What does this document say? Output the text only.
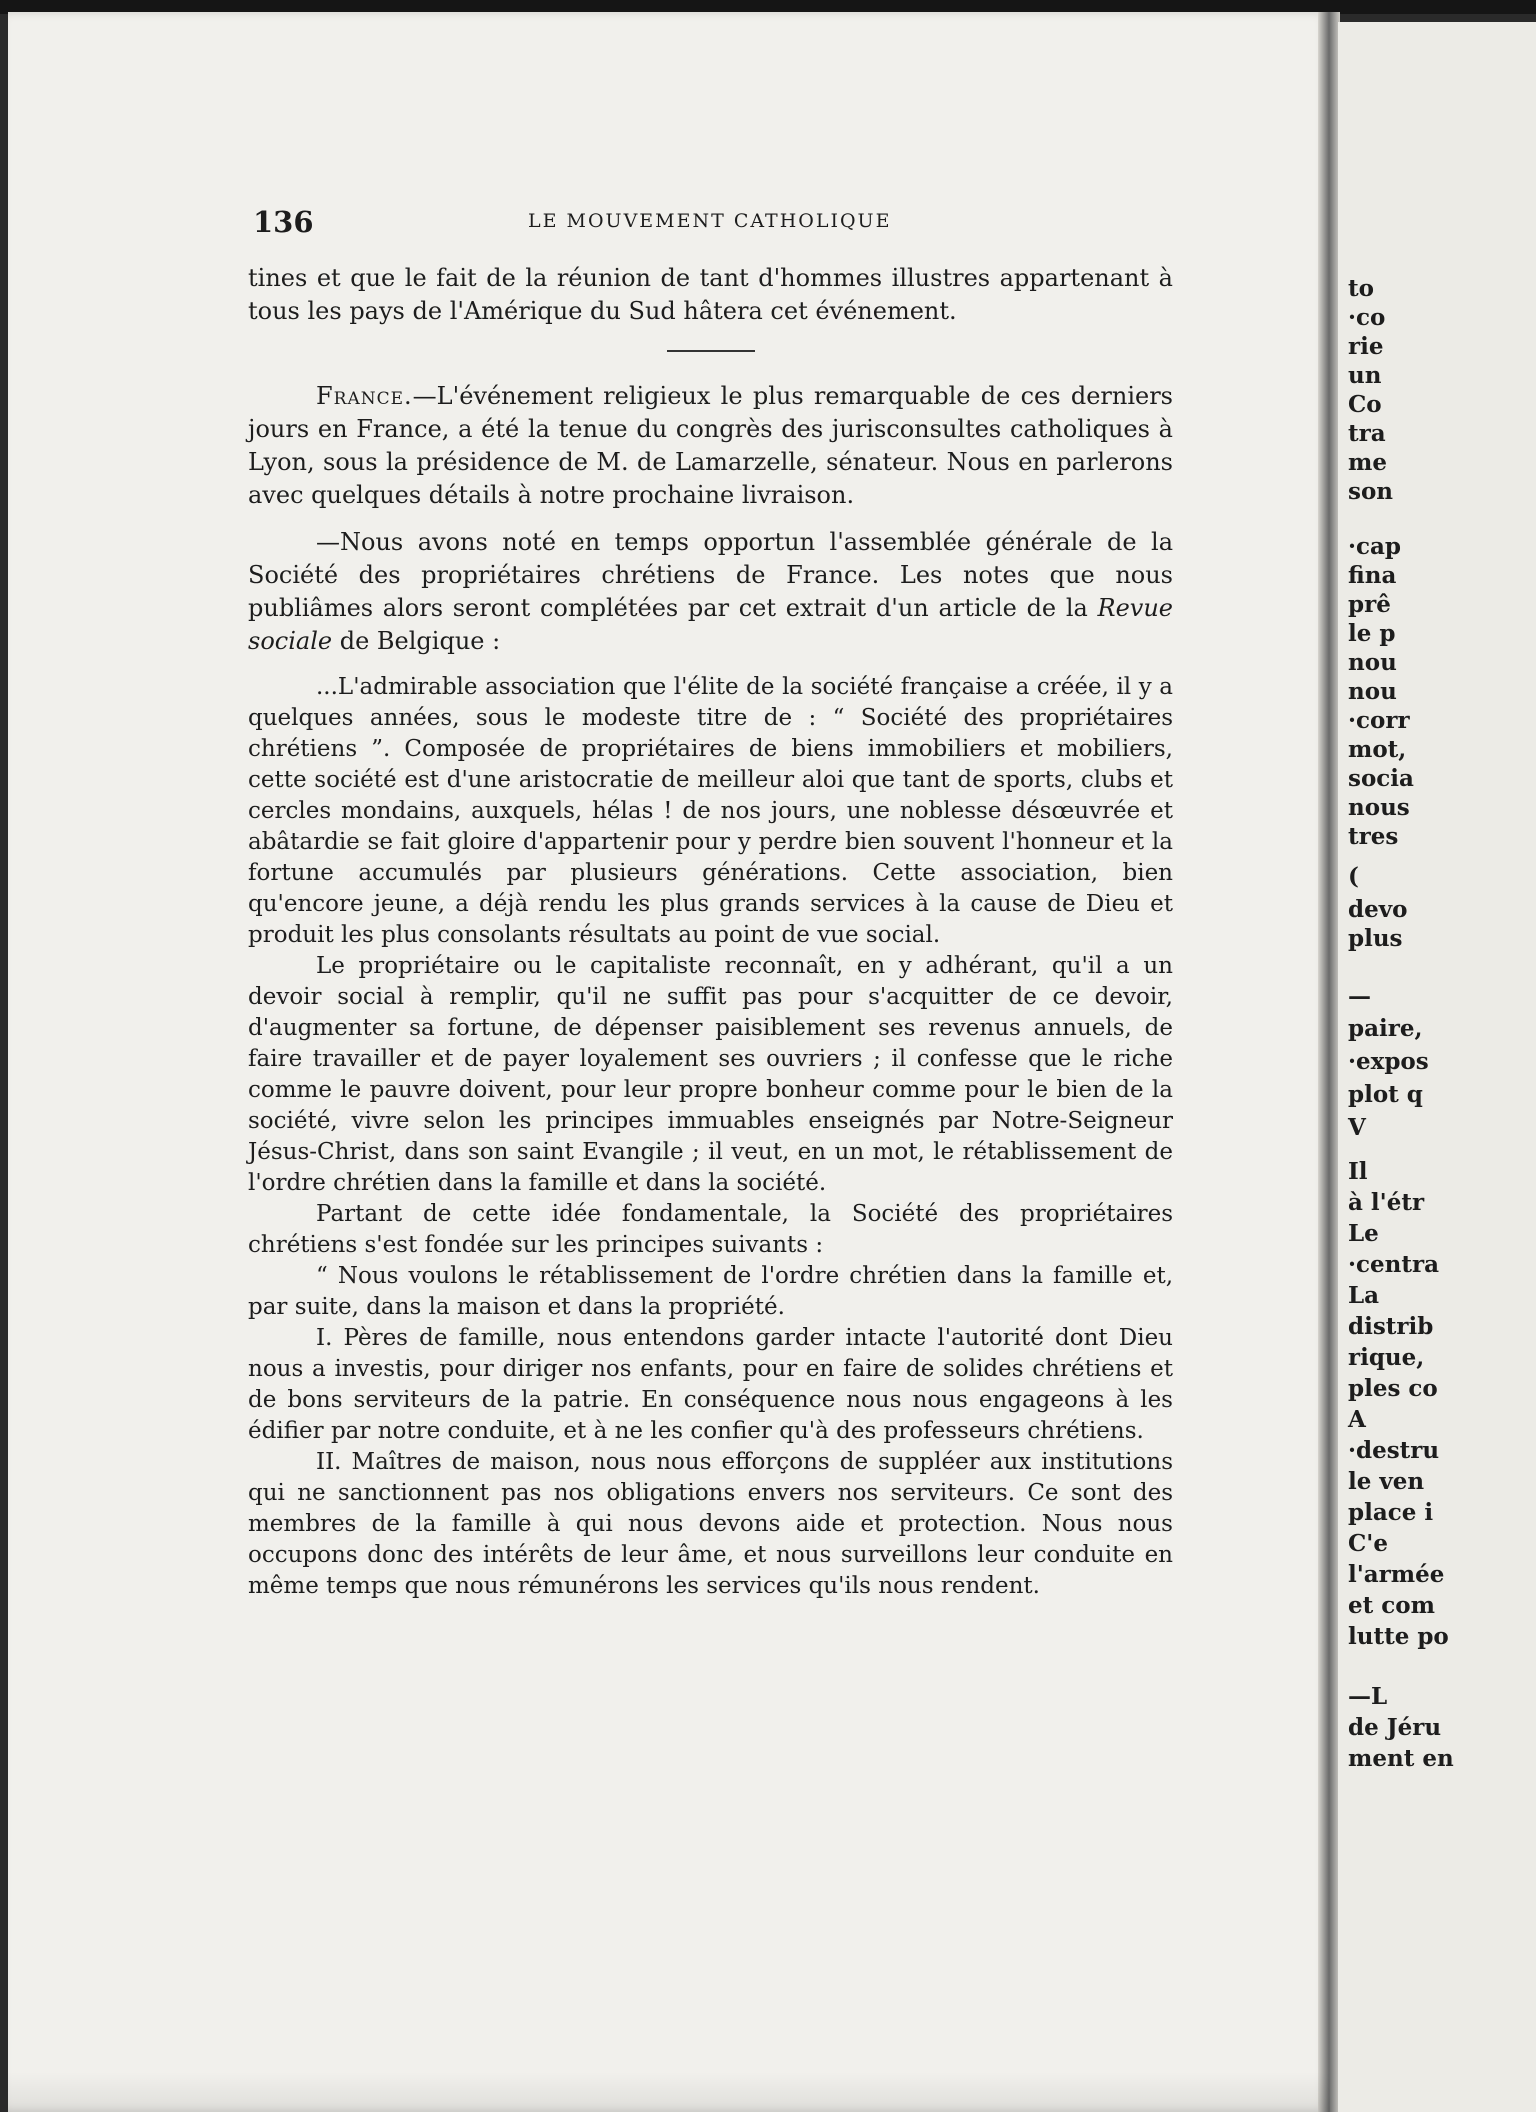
136	LE MOUVEMENT CATHOLIQUE

tines et que le fait de la réunion de tant d'hommes illustres appartenant à tous les pays de l'Amérique du Sud hâtera cet événement.

France.—L'événement religieux le plus remarquable de ces derniers jours en France, a été la tenue du congrès des jurisconsultes catholiques à Lyon, sous la présidence de M. de Lamarzelle, sénateur. Nous en parlerons avec quelques détails à notre prochaine livraison.

—Nous avons noté en temps opportun l'assemblée générale de la Société des propriétaires chrétiens de France. Les notes que nous publiâmes alors seront complétées par cet extrait d'un article de la Revue sociale de Belgique :

...L'admirable association que l'élite de la société française a créée, il y a quelques années, sous le modeste titre de : “ Société des propriétaires chrétiens ”. Composée de propriétaires de biens immobiliers et mobiliers, cette société est d'une aristocratie de meilleur aloi que tant de sports, clubs et cercles mondains, auxquels, hélas ! de nos jours, une noblesse désœuvrée et abâtardie se fait gloire d'appartenir pour y perdre bien souvent l'honneur et la fortune accumulés par plusieurs générations. Cette association, bien qu'encore jeune, a déjà rendu les plus grands services à la cause de Dieu et produit les plus consolants résultats au point de vue social.

Le propriétaire ou le capitaliste reconnaît, en y adhérant, qu'il a un devoir social à remplir, qu'il ne suffit pas pour s'acquitter de ce devoir, d'augmenter sa fortune, de dépenser paisiblement ses revenus annuels, de faire travailler et de payer loyalement ses ouvriers ; il confesse que le riche comme le pauvre doivent, pour leur propre bonheur comme pour le bien de la société, vivre selon les principes immuables enseignés par Notre-Seigneur Jésus-Christ, dans son saint Evangile ; il veut, en un mot, le rétablissement de l'ordre chrétien dans la famille et dans la société.

Partant de cette idée fondamentale, la Société des propriétaires chrétiens s'est fondée sur les principes suivants :

“ Nous voulons le rétablissement de l'ordre chrétien dans la famille et, par suite, dans la maison et dans la propriété.

I. Pères de famille, nous entendons garder intacte l'autorité dont Dieu nous a investis, pour diriger nos enfants, pour en faire de solides chrétiens et de bons serviteurs de la patrie. En conséquence nous nous engageons à les édifier par notre conduite, et à ne les confier qu'à des professeurs chrétiens.

II. Maîtres de maison, nous nous efforçons de suppléer aux institutions qui ne sanctionnent pas nos obligations envers nos serviteurs. Ce sont des membres de la famille à qui nous devons aide et protection. Nous nous occupons donc des intérêts de leur âme, et nous surveillons leur conduite en même temps que nous rémunérons les services qu'ils nous rendent.

to
·co
rie
un
Co
tra
me
son
·cap
fina
prê
le p
nou
nou
·corr
mot,
socia
nous
tres
(
devo
plus
—
paire,
·expos
plot q
V
Il
à l'étr
Le
·centra
La
distrib
rique,
ples co
A
·destru
le ven
place i
C'e
l'armée
et com
lutte po
—L
de Jéru
ment en
